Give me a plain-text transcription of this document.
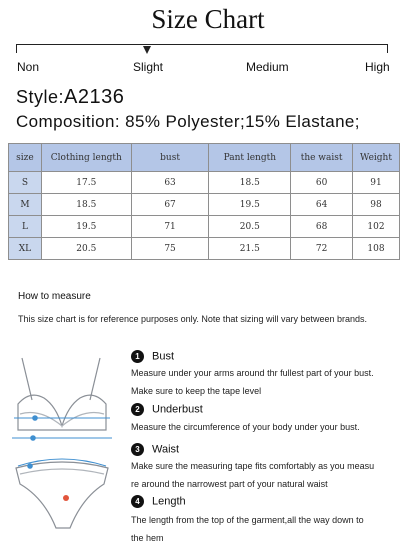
Size Chart
Non	Slight	Medium	High
Style:A2136
Composition: 85% Polyester;15% Elastane;
size	Clothing length	bust	Pant length	the waist	Weight
S	17.5	63	18.5	60	91
M	18.5	67	19.5	64	98
L	19.5	71	20.5	68	102
XL	20.5	75	21.5	72	108
How to measure
This size chart is for reference purposes only. Note that sizing will vary between brands.
1 Bust
Measure under your arms around thr fullest part of your bust.
Make sure to keep the tape level
2 Underbust
Measure the circumference of your body under your bust.
3 Waist
Make sure the measuring tape fits comfortably as you measu
re around the narrowest part of your natural waist
4 Length
The length from the top of the garment,all the way down to
the hem
